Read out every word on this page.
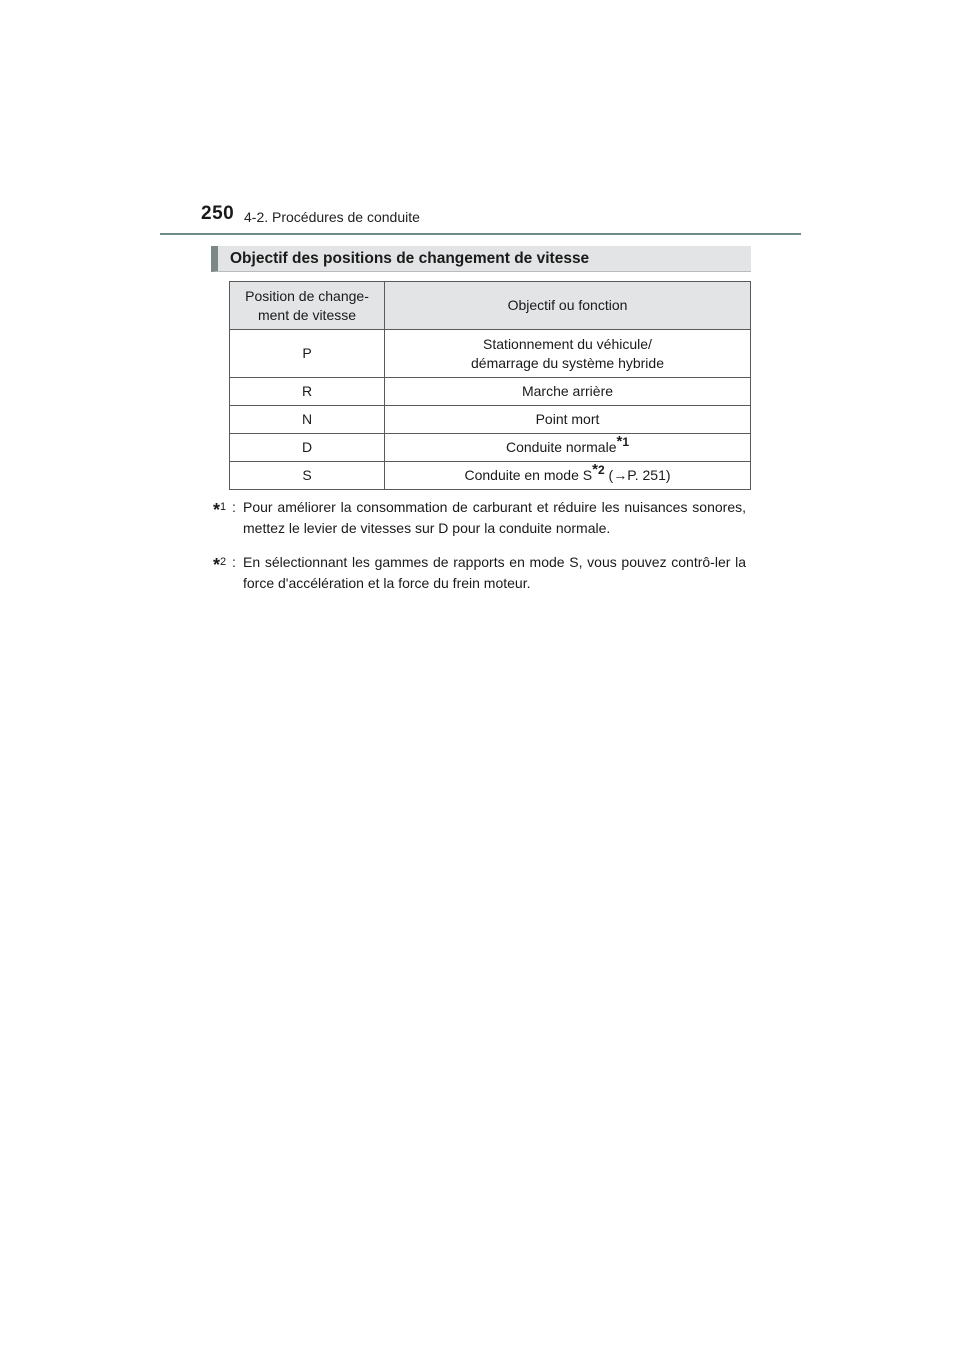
250 4-2. Procédures de conduite
Objectif des positions de changement de vitesse
Position de change-
ment de vitesse	Objectif ou fonction
P	Stationnement du véhicule/
démarrage du système hybride
R	Marche arrière
N	Point mort
D	Conduite normale$^{*1}$
S	Conduite en mode $S^{*2}$ (→P. 251)
*$^1$ : Pour améliorer la consommation de carburant et réduire les nuisances sonores, mettez le levier de vitesses sur D pour la conduite normale.
*$^2$ : En sélectionnant les gammes de rapports en mode S, vous pouvez contrô-ler la force d'accélération et la force du frein moteur.
